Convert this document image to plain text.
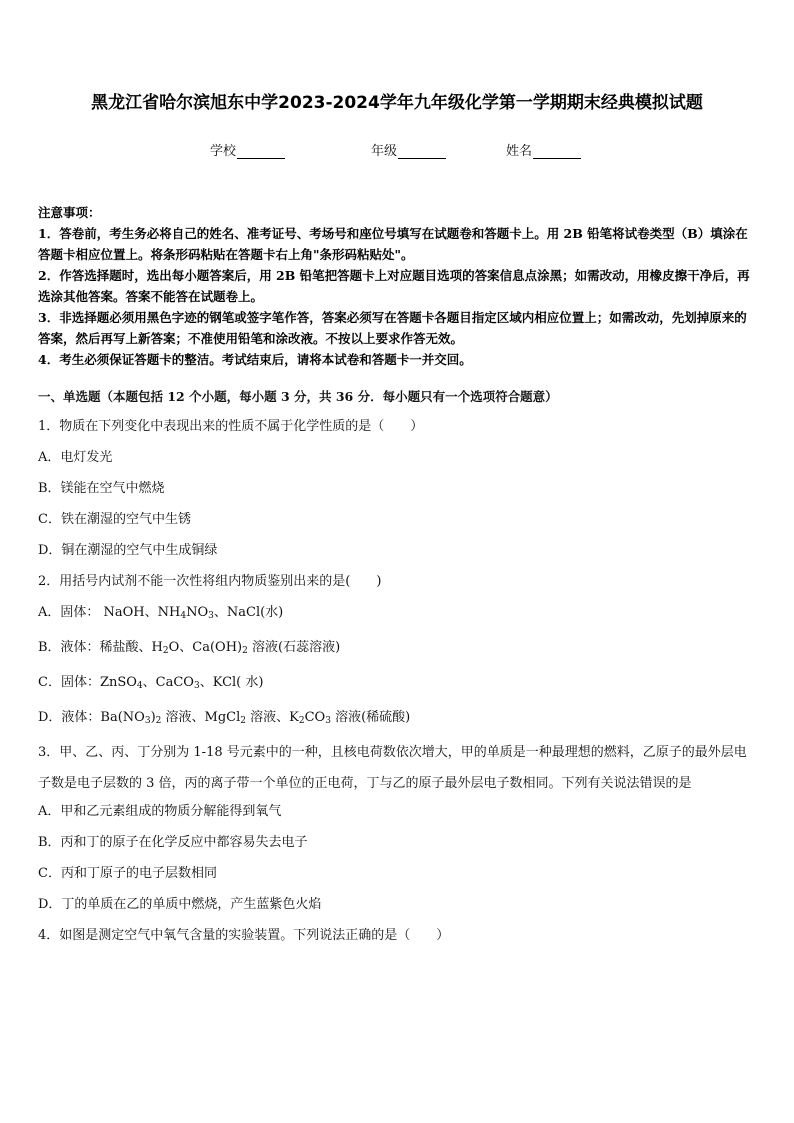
黑龙江省哈尔滨旭东中学2023-2024学年九年级化学第一学期期末经典模拟试题
学校	年级	姓名

注意事项：

1．答卷前，考生务必将自己的姓名、准考证号、考场号和座位号填写在试题卷和答题卡上。用 2B 铅笔将试卷类型（B）填涂在答题卡相应位置上。将条形码粘贴在答题卡右上角"条形码粘贴处"。

2．作答选择题时，选出每小题答案后，用 2B 铅笔把答题卡上对应题目选项的答案信息点涂黑；如需改动，用橡皮擦干净后，再选涂其他答案。答案不能答在试题卷上。

3．非选择题必须用黑色字迹的钢笔或签字笔作答，答案必须写在答题卡各题目指定区域内相应位置上；如需改动，先划掉原来的答案，然后再写上新答案；不准使用铅笔和涂改液。不按以上要求作答无效。

4．考生必须保证答题卡的整洁。考试结束后，请将本试卷和答题卡一并交回。

一、单选题（本题包括 12 个小题，每小题 3 分，共 36 分．每小题只有一个选项符合题意）

1．物质在下列变化中表现出来的性质不属于化学性质的是（　　）

A．电灯发光

B．镁能在空气中燃烧

C．铁在潮湿的空气中生锈

D．铜在潮湿的空气中生成铜绿

2．用括号内试剂不能一次性将组内物质鉴别出来的是(　　)

A．固体： NaOH、$NH_4NO_3$、NaCl(水)

B．液体：稀盐酸、$H_2O$、$Ca(OH)_2$ 溶液(石蕊溶液)

C．固体：ZnSO$_4$、CaCO$_3$、KCl( 水)

D．液体：$Ba(NO_3)_2$ 溶液、MgCl$_2$ 溶液、$K_2CO_3$ 溶液(稀硫酸)

3．甲、乙、丙、丁分别为 1-18 号元素中的一种，且核电荷数依次增大，甲的单质是一种最理想的燃料，乙原子的最外层电子数是电子层数的 3 倍，丙的离子带一个单位的正电荷，丁与乙的原子最外层电子数相同。下列有关说法错误的是

A．甲和乙元素组成的物质分解能得到氧气

B．丙和丁的原子在化学反应中都容易失去电子

C．丙和丁原子的电子层数相同

D．丁的单质在乙的单质中燃烧，产生蓝紫色火焰

4．如图是测定空气中氧气含量的实验装置。下列说法正确的是（　　）
